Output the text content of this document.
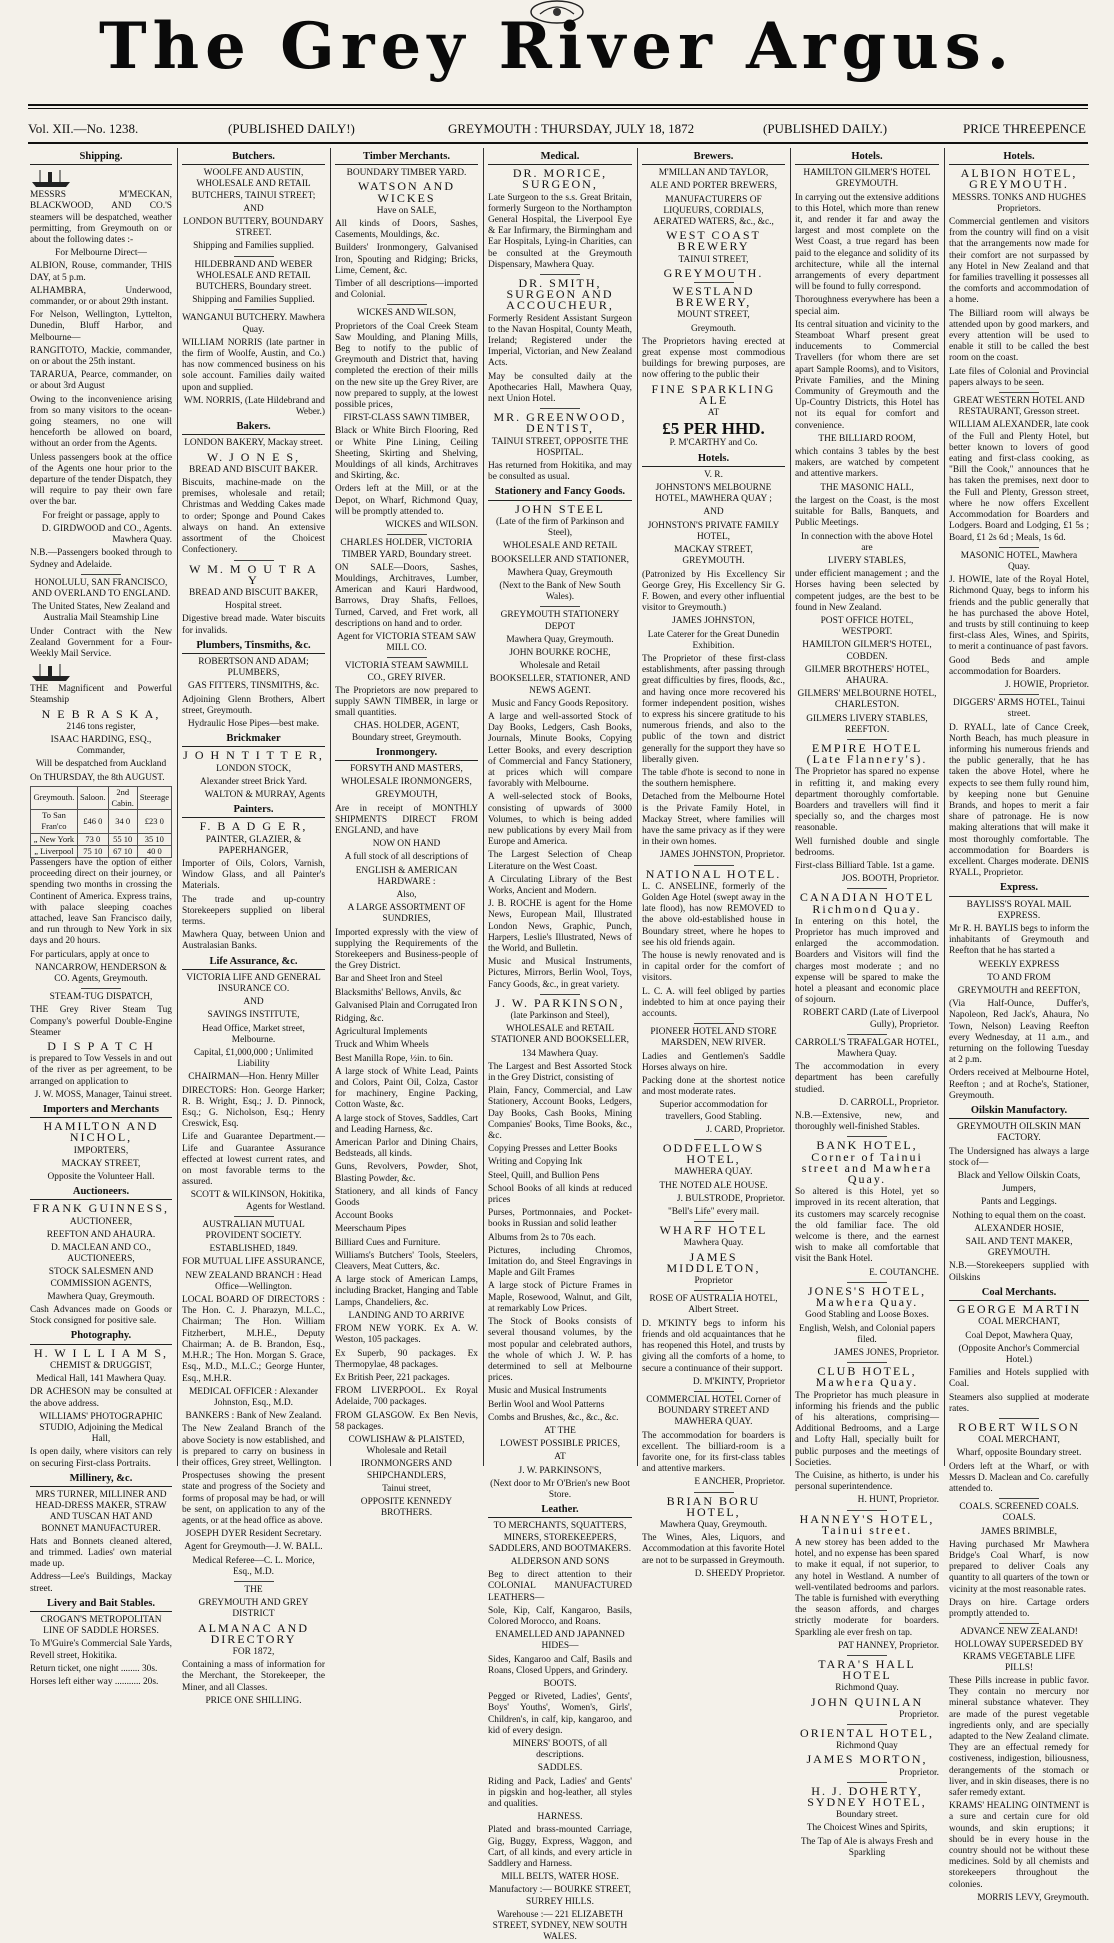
The Grey River Argus.
Vol. XII.—No. 1238.	(PUBLISHED DAILY!)	GREYMOUTH : THURSDAY, JULY 18, 1872	(PUBLISHED DAILY.)	PRICE THREEPENCE
Shipping.

MESSRS M'MECKAN, BLACKWOOD, AND CO.'S steamers will be despatched, weather permitting, from Greymouth on or about the following dates :-

For Melbourne Direct—

ALBION, Rouse, commander, THIS DAY, at 5 p.m.

ALHAMBRA, Underwood, commander, or or about 29th instant.

For Nelson, Wellington, Lyttelton, Dunedin, Bluff Harbor, and Melbourne—

RANGITOTO, Mackie, commander, on or about the 25th instant.

TARARUA, Pearce, commander, on or about 3rd August

Owing to the inconvenience arising from so many visitors to the ocean-going steamers, no one will henceforth be allowed on board, without an order from the Agents.

Unless passengers book at the office of the Agents one hour prior to the departure of the tender Dispatch, they will require to pay their own fare over the bar.

For freight or passage, apply to

D. GIRDWOOD and CO., Agents. Mawhera Quay.

N.B.—Passengers booked through to Sydney and Adelaide.

HONOLULU, SAN FRANCISCO, AND OVERLAND TO ENGLAND.

The United States, New Zealand and Australia Mail Steamship Line

Under Contract with the New Zealand Government for a Four-Weekly Mail Service.

THE Magnificent and Powerful Steamship

N E B R A S K A,

2146 tons register,

ISAAC HARDING, ESQ., Commander,

Will be despatched from Auckland

On THURSDAY, the 8th AUGUST.

Greymouth.	Saloon.	2nd Cabin.	Steerage
To San Fran'co	£46 0	34 0	£23 0
„ New York	73 0	55 10	35 10
„ Liverpool	75 10	67 10	40 0

Passengers have the option of either proceeding direct on their journey, or spending two months in crossing the Continent of America. Express trains, with palace sleeping coaches attached, leave San Francisco daily, and run through to New York in six days and 20 hours.

For particulars, apply at once to

NANCARROW, HENDERSON & CO. Agents, Greymouth.

STEAM-TUG DISPATCH,

THE Grey River Steam Tug Company's powerful Double-Engine Steamer

D I S P A T C H

is prepared to Tow Vessels in and out of the river as per agreement, to be arranged on application to

J. W. MOSS, Manager, Tainui street.

Importers and Merchants

HAMILTON AND NICHOL,

IMPORTERS,

MACKAY STREET,

Opposite the Volunteer Hall.

Auctioneers.

FRANK GUINNESS,

AUCTIONEER,

REEFTON AND AHAURA.

D. MACLEAN AND CO., AUCTIONEERS,

STOCK SALESMEN AND COMMISSION AGENTS,

Mawhera Quay, Greymouth.

Cash Advances made on Goods or Stock consigned for positive sale.

Photography.

H. W I L L I A M S,

CHEMIST & DRUGGIST,

Medical Hall, 141 Mawhera Quay.

DR ACHESON may be consulted at the above address.

WILLIAMS' PHOTOGRAPHIC STUDIO, Adjoining the Medical Hall,

Is open daily, where visitors can rely on securing First-class Portraits.

Millinery, &c.

MRS TURNER, MILLINER AND HEAD-DRESS MAKER, STRAW AND TUSCAN HAT AND BONNET MANUFACTURER.

Hats and Bonnets cleaned altered, and trimmed. Ladies' own material made up.

Address—Lee's Buildings, Mackay street.

Livery and Bait Stables.

CROGAN'S METROPOLITAN LINE OF SADDLE HORSES.

To M'Guire's Commercial Sale Yards, Revell street, Hokitika.

Return ticket, one night ........ 30s.

Horses left either way ........... 20s.

Butchers.

WOOLFE AND AUSTIN, WHOLESALE AND RETAIL BUTCHERS, TAINUI STREET;

AND

LONDON BUTTERY, BOUNDARY STREET.

Shipping and Families supplied.

HILDEBRAND AND WEBER WHOLESALE AND RETAIL BUTCHERS, Boundary street.

Shipping and Families Supplied.

WANGANUI BUTCHERY. Mawhera Quay.

WILLIAM NORRIS (late partner in the firm of Woolfe, Austin, and Co.) has now commenced business on his sole account. Families daily waited upon and supplied.

WM. NORRIS, (Late Hildebrand and Weber.)

Bakers.

LONDON BAKERY, Mackay street.

W. J O N E S,

BREAD AND BISCUIT BAKER.

Biscuits, machine-made on the premises, wholesale and retail; Christmas and Wedding Cakes made to order; Sponge and Pound Cakes always on hand. An extensive assortment of the Choicest Confectionery.

W M. M O U T R A Y

BREAD AND BISCUIT BAKER,

Hospital street.

Digestive bread made. Water biscuits for invalids.

Plumbers, Tinsmiths, &c.

ROBERTSON AND ADAM; PLUMBERS,

GAS FITTERS, TINSMITHS, &c.

Adjoining Glenn Brothers, Albert street, Greymouth.

Hydraulic Hose Pipes—best make.

Brickmaker

J O H N T I T T E R,

LONDON STOCK,

Alexander street Brick Yard.

WALTON & MURRAY, Agents

Painters.

F. B A D G E R,

PAINTER, GLAZIER, & PAPERHANGER,

Importer of Oils, Colors, Varnish, Window Glass, and all Painter's Materials.

The trade and up-country Storekeepers supplied on liberal terms.

Mawhera Quay, between Union and Australasian Banks.

Life Assurance, &c.

VICTORIA LIFE AND GENERAL INSURANCE CO.

AND

SAVINGS INSTITUTE,

Head Office, Market street, Melbourne.

Capital, £1,000,000 ; Unlimited Liability

CHAIRMAN—Hon. Henry Miller

DIRECTORS: Hon. George Harker; R. B. Wright, Esq.; J. D. Pinnock, Esq.; G. Nicholson, Esq.; Henry Creswick, Esq.

Life and Guarantee Department.—Life and Guarantee Assurance effected at lowest current rates, and on most favorable terms to the assured.

SCOTT & WILKINSON, Hokitika, Agents for Westland.

AUSTRALIAN MUTUAL PROVIDENT SOCIETY.

ESTABLISHED, 1849.

FOR MUTUAL LIFE ASSURANCE,

NEW ZEALAND BRANCH : Head Office—Wellington.

LOCAL BOARD OF DIRECTORS : The Hon. C. J. Pharazyn, M.L.C., Chairman; The Hon. William Fitzherbert, M.H.E., Deputy Chairman; A. de B. Brandon, Esq., M.H.R.; The Hon. Morgan S. Grace, Esq., M.D., M.L.C.; George Hunter, Esq., M.H.R.

MEDICAL OFFICER : Alexander Johnston, Esq., M.D.

BANKERS : Bank of New Zealand.

The New Zealand Branch of the above Society is now established, and is prepared to carry on business in their offices, Grey street, Wellington.

Prospectuses showing the present state and progress of the Society and forms of proposal may be had, or will be sent, on application to any of the agents, or at the head office as above.

JOSEPH DYER Resident Secretary.

Agent for Greymouth—J. W. BALL.

Medical Referee—C. L. Morice, Esq., M.D.

THE

GREYMOUTH AND GREY DISTRICT

ALMANAC AND DIRECTORY

FOR 1872,

Containing a mass of information for the Merchant, the Storekeeper, the Miner, and all Classes.

PRICE ONE SHILLING.

Timber Merchants.

BOUNDARY TIMBER YARD.

WATSON AND WICKES

Have on SALE,

All kinds of Doors, Sashes, Casements, Mouldings, &c.

Builders' Ironmongery, Galvanised Iron, Spouting and Ridging; Bricks, Lime, Cement, &c.

Timber of all descriptions—imported and Colonial.

WICKES AND WILSON,

Proprietors of the Coal Creek Steam Saw Moulding, and Planing Mills, Beg to notify to the public of Greymouth and District that, having completed the erection of their mills on the new site up the Grey River, are now prepared to supply, at the lowest possible prices,

FIRST-CLASS SAWN TIMBER,

Black or White Birch Flooring, Red or White Pine Lining, Ceiling Sheeting, Skirting and Shelving, Mouldings of all kinds, Architraves and Skirting, &c.

Orders left at the Mill, or at the Depot, on Wharf, Richmond Quay, will be promptly attended to.

WICKES and WILSON.

CHARLES HOLDER, VICTORIA TIMBER YARD, Boundary street.

ON SALE—Doors, Sashes, Mouldings, Architraves, Lumber, American and Kauri Hardwood, Barrows, Dray Shafts, Felloes, Turned, Carved, and Fret work, all descriptions on hand and to order.

Agent for VICTORIA STEAM SAW MILL CO.

VICTORIA STEAM SAWMILL CO., GREY RIVER.

The Proprietors are now prepared to supply SAWN TIMBER, in large or small quantities.

CHAS. HOLDER, AGENT, Boundary street, Greymouth.

Ironmongery.

FORSYTH AND MASTERS,

WHOLESALE IRONMONGERS,

GREYMOUTH,

Are in receipt of MONTHLY SHIPMENTS DIRECT FROM ENGLAND, and have

NOW ON HAND

A full stock of all descriptions of

ENGLISH & AMERICAN HARDWARE :

Also,

A LARGE ASSORTMENT OF SUNDRIES,

Imported expressly with the view of supplying the Requirements of the Storekeepers and Business-people of the Grey District.

Bar and Sheet Iron and Steel

Blacksmiths' Bellows, Anvils, &c

Galvanised Plain and Corrugated Iron

Ridging, &c.

Agricultural Implements

Truck and Whim Wheels

Best Manilla Rope, ½in. to 6in.

A large stock of White Lead, Paints and Colors, Paint Oil, Colza, Castor for machinery, Engine Packing, Cotton Waste, &c.

A large stock of Stoves, Saddles, Cart and Leading Harness, &c.

American Parlor and Dining Chairs, Bedsteads, all kinds.

Guns, Revolvers, Powder, Shot, Blasting Powder, &c.

Stationery, and all kinds of Fancy Goods

Account Books

Meerschaum Pipes

Billiard Cues and Furniture.

Williams's Butchers' Tools, Steelers, Cleavers, Meat Cutters, &c.

A large stock of American Lamps, including Bracket, Hanging and Table Lamps, Chandeliers, &c.

LANDING AND TO ARRIVE

FROM NEW YORK. Ex A. W. Weston, 105 packages.

Ex Superb, 90 packages. Ex Thermopylae, 48 packages.

Ex British Peer, 221 packages.

FROM LIVERPOOL. Ex Royal Adelaide, 700 packages.

FROM GLASGOW. Ex Ben Nevis, 58 packages.

COWLISHAW & PLAISTED, Wholesale and Retail

IRONMONGERS AND SHIPCHANDLERS,

Tainui street,

OPPOSITE KENNEDY BROTHERS.

Medical.

DR. MORICE, SURGEON,

Late Surgeon to the s.s. Great Britain, formerly Surgeon to the Northampton General Hospital, the Liverpool Eye & Ear Infirmary, the Birmingham and Ear Hospitals, Lying-in Charities, can be consulted at the Greymouth Dispensary, Mawhera Quay.

DR. SMITH, SURGEON AND ACCOUCHEUR,

Formerly Resident Assistant Surgeon to the Navan Hospital, County Meath, Ireland; Registered under the Imperial, Victorian, and New Zealand Acts.

May be consulted daily at the Apothecaries Hall, Mawhera Quay, next Union Hotel.

MR. GREENWOOD, DENTIST,

TAINUI STREET, OPPOSITE THE HOSPITAL.

Has returned from Hokitika, and may be consulted as usual.

Stationery and Fancy Goods.

JOHN STEEL

(Late of the firm of Parkinson and Steel),

WHOLESALE AND RETAIL

BOOKSELLER AND STATIONER,

Mawhera Quay, Greymouth

(Next to the Bank of New South Wales).

GREYMOUTH STATIONERY DEPOT

Mawhera Quay, Greymouth.

JOHN BOURKE ROCHE,

Wholesale and Retail

BOOKSELLER, STATIONER, AND NEWS AGENT.

Music and Fancy Goods Repository.

A large and well-assorted Stock of Day Books, Ledgers, Cash Books, Journals, Minute Books, Copying Letter Books, and every description of Commercial and Fancy Stationery, at prices which will compare favorably with Melbourne.

A well-selected stock of Books, consisting of upwards of 3000 Volumes, to which is being added new publications by every Mail from Europe and America.

The Largest Selection of Cheap Literature on the West Coast.

A Circulating Library of the Best Works, Ancient and Modern.

J. B. ROCHE is agent for the Home News, European Mail, Illustrated London News, Graphic, Punch, Harpers, Leslie's Illustrated, News of the World, and Bulletin.

Music and Musical Instruments, Pictures, Mirrors, Berlin Wool, Toys, Fancy Goods, &c., in great variety.

J. W. PARKINSON,

(late Parkinson and Steel),

WHOLESALE and RETAIL STATIONER AND BOOKSELLER,

134 Mawhera Quay.

The Largest and Best Assorted Stock in the Grey District, consisting of

Plain, Fancy, Commercial, and Law Stationery, Account Books, Ledgers, Day Books, Cash Books, Mining Companies' Books, Time Books, &c., &c.

Copying Presses and Letter Books

Writing and Copying Ink

Steel, Quill, and Bullion Pens

School Books of all kinds at reduced prices

Purses, Portmonnaies, and Pocket-books in Russian and solid leather

Albums from 2s to 70s each.

Pictures, including Chromos, Imitation do, and Steel Engravings in Maple and Gilt Frames

A large stock of Picture Frames in Maple, Rosewood, Walnut, and Gilt, at remarkably Low Prices.

The Stock of Books consists of several thousand volumes, by the most popular and celebrated authors, the whole of which J. W. P. has determined to sell at Melbourne prices.

Music and Musical Instruments

Berlin Wool and Wool Patterns

Combs and Brushes, &c., &c., &c.

AT THE

LOWEST POSSIBLE PRICES,

AT

J. W. PARKINSON'S,

(Next door to Mr O'Brien's new Boot Store.

Leather.

TO MERCHANTS, SQUATTERS, MINERS, STOREKEEPERS, SADDLERS, AND BOOTMAKERS.

ALDERSON AND SONS

Beg to direct attention to their COLONIAL MANUFACTURED LEATHERS—

Sole, Kip, Calf, Kangaroo, Basils, Colored Morocco, and Roans.

ENAMELLED AND JAPANNED HIDES—

Sides, Kangaroo and Calf, Basils and Roans, Closed Uppers, and Grindery.

BOOTS.

Pegged or Riveted, Ladies', Gents', Boys' Youths', Women's, Girls', Children's, in calf, kip, kangaroo, and kid of every design.

MINERS' BOOTS, of all descriptions.

SADDLES.

Riding and Pack, Ladies' and Gents' in pigskin and hog-leather, all styles and qualities.

HARNESS.

Plated and brass-mounted Carriage, Gig, Buggy, Express, Waggon, and Cart, of all kinds, and every article in Saddlery and Harness.

MILL BELTS, WATER HOSE.

Manufactory :— BOURKE STREET, SURREY HILLS.

Warehouse :— 221 ELIZABETH STREET, SYDNEY, NEW SOUTH WALES.

Brewers.

M'MILLAN AND TAYLOR,

ALE AND PORTER BREWERS,

MANUFACTURERS OF LIQUEURS, CORDIALS, AERATED WATERS, &c., &c.,

WEST COAST BREWERY

TAINUI STREET,

GREYMOUTH.

WESTLAND BREWERY,

MOUNT STREET,

Greymouth.

The Proprietors having erected at great expense most commodious buildings for brewing purposes, are now offering to the public their

FINE SPARKLING ALE

AT

£5 PER HHD.

P. M'CARTHY and Co.

Hotels.

V. R.

JOHNSTON'S MELBOURNE HOTEL, MAWHERA QUAY ;

AND

JOHNSTON'S PRIVATE FAMILY HOTEL,

MACKAY STREET, GREYMOUTH.

(Patronized by His Excellency Sir George Grey, His Excellency Sir G. F. Bowen, and every other influential visitor to Greymouth.)

JAMES JOHNSTON,

Late Caterer for the Great Dunedin Exhibition.

The Proprietor of these first-class establishments, after passing through great difficulties by fires, floods, &c., and having once more recovered his former independent position, wishes to express his sincere gratitude to his numerous friends, and also to the public of the town and district generally for the support they have so liberally given.

The table d'hote is second to none in the southern hemisphere.

Detached from the Melbourne Hotel is the Private Family Hotel, in Mackay Street, where families will have the same privacy as if they were in their own homes.

JAMES JOHNSTON, Proprietor.

NATIONAL HOTEL.

L. C. ANSELINE, formerly of the Golden Age Hotel (swept away in the late flood), has now REMOVED to the above old-established house in Boundary street, where he hopes to see his old friends again.

The house is newly renovated and is in capital order for the comfort of visitors.

L. C. A. will feel obliged by parties indebted to him at once paying their accounts.

PIONEER HOTEL AND STORE MARSDEN, NEW RIVER.

Ladies and Gentlemen's Saddle Horses always on hire.

Packing done at the shortest notice and most moderate rates.

Superior accommodation for travellers, Good Stabling.

J. CARD, Proprietor.

ODDFELLOWS HOTEL,

MAWHERA QUAY.

THE NOTED ALE HOUSE.

J. BULSTRODE, Proprietor.

"Bell's Life" every mail.

WHARF HOTEL

Mawhera Quay.

JAMES MIDDLETON,

Proprietor

ROSE OF AUSTRALIA HOTEL, Albert Street.

D. M'KINTY begs to inform his friends and old acquaintances that he has reopened this Hotel, and trusts by giving all the comforts of a home, to secure a continuance of their support.

D. M'KINTY, Proprietor

COMMERCIAL HOTEL Corner of BOUNDARY STREET AND MAWHERA QUAY.

The accommodation for boarders is excellent. The billiard-room is a favorite one, for its first-class tables and attentive markers.

E ANCHER, Proprietor.

BRIAN BORU HOTEL,

Mawhera Quay, Greymouth.

The Wines, Ales, Liquors, and Accommodation at this favorite Hotel are not to be surpassed in Greymouth.

D. SHEEDY Proprietor.

Hotels.

HAMILTON GILMER'S HOTEL GREYMOUTH.

In carrying out the extensive additions to this Hotel, which more than renew it, and render it far and away the largest and most complete on the West Coast, a true regard has been paid to the elegance and solidity of its architecture, while all the internal arrangements of every department will be found to fully correspond.

Thoroughness everywhere has been a special aim.

Its central situation and vicinity to the Steamboat Wharf present great inducements to Commercial Travellers (for whom there are set apart Sample Rooms), and to Visitors, Private Families, and the Mining Community of Greymouth and the Up-Country Districts, this Hotel has not its equal for comfort and convenience.

THE BILLIARD ROOM,

which contains 3 tables by the best makers, are watched by competent and attentive markers.

THE MASONIC HALL,

the largest on the Coast, is the most suitable for Balls, Banquets, and Public Meetings.

In connection with the above Hotel are

LIVERY STABLES,

under efficient management ; and the Horses having been selected by competent judges, are the best to be found in New Zealand.

POST OFFICE HOTEL, WESTPORT.

HAMILTON GILMER'S HOTEL, COBDEN.

GILMER BROTHERS' HOTEL, AHAURA.

GILMERS' MELBOURNE HOTEL, CHARLESTON.

GILMERS LIVERY STABLES, REEFTON.

EMPIRE HOTEL (Late Flannery's).

The Proprietor has spared no expense in refitting it, and making every department thoroughly comfortable. Boarders and travellers will find it specially so, and the charges most reasonable.

Well furnished double and single bedrooms.

First-class Billiard Table. 1st a game.

JOS. BOOTH, Proprietor.

CANADIAN HOTEL Richmond Quay.

In entering on this hotel, the Proprietor has much improved and enlarged the accommodation. Boarders and Visitors will find the charges most moderate ; and no expense will be spared to make the hotel a pleasant and economic place of sojourn.

ROBERT CARD (Late of Liverpool Gully), Proprietor.

CARROLL'S TRAFALGAR HOTEL, Mawhera Quay.

The accommodation in every department has been carefully studied.

D. CARROLL, Proprietor.

N.B.—Extensive, new, and thoroughly well-finished Stables.

BANK HOTEL, Corner of Tainui street and Mawhera Quay.

So altered is this Hotel, yet so improved in its recent alteration, that its customers may scarcely recognise the old familiar face. The old welcome is there, and the earnest wish to make all comfortable that visit the Bank Hotel.

E. COUTANCHE.

JONES'S HOTEL, Mawhera Quay.

Good Stabling and Loose Boxes.

English, Welsh, and Colonial papers filed.

JAMES JONES, Proprietor.

CLUB HOTEL, Mawhera Quay.

The Proprietor has much pleasure in informing his friends and the public of his alterations, comprising—Additional Bedrooms, and a Large and Lofty Hall, specially built for public purposes and the meetings of Societies.

The Cuisine, as hitherto, is under his personal superintendence.

H. HUNT, Proprietor.

HANNEY'S HOTEL, Tainui street.

A new storey has been added to the hotel, and no expense has been spared to make it equal, if not superior, to any hotel in Westland. A number of well-ventilated bedrooms and parlors. The table is furnished with everything the season affords, and charges strictly moderate for boarders. Sparkling ale ever fresh on tap.

PAT HANNEY, Proprietor.

TARA'S HALL HOTEL

Richmond Quay.

JOHN QUINLAN

Proprietor.

ORIENTAL HOTEL,

Richmond Quay

JAMES MORTON,

Proprietor.

H. J. DOHERTY, SYDNEY HOTEL,

Boundary street.

The Choicest Wines and Spirits,

The Tap of Ale is always Fresh and Sparkling

Hotels.

ALBION HOTEL, GREYMOUTH.

MESSRS. TONKS AND HUGHES Proprietors.

Commercial gentlemen and visitors from the country will find on a visit that the arrangements now made for their comfort are not surpassed by any Hotel in New Zealand and that for families travelling it possesses all the comforts and accommodation of a home.

The Billiard room will always be attended upon by good markers, and every attention will be used to enable it still to be called the best room on the coast.

Late files of Colonial and Provincial papers always to be seen.

GREAT WESTERN HOTEL AND RESTAURANT, Gresson street.

WILLIAM ALEXANDER, late cook of the Full and Plenty Hotel, but better known to lovers of good eating and first-class cooking, as "Bill the Cook," announces that he has taken the premises, next door to the Full and Plenty, Gresson street, where he now offers Excellent Accommodation for Boarders and Lodgers. Board and Lodging, £1 5s ; Board, £1 2s 6d ; Meals, 1s 6d.

MASONIC HOTEL, Mawhera Quay.

J. HOWIE, late of the Royal Hotel, Richmond Quay, begs to inform his friends and the public generally that he has purchased the above Hotel, and trusts by still continuing to keep first-class Ales, Wines, and Spirits, to merit a continuance of past favors.

Good Beds and ample accommodation for Boarders.

J. HOWIE, Proprietor.

DIGGERS' ARMS HOTEL, Tainui street.

D. RYALL, late of Cance Creek, North Beach, has much pleasure in informing his numerous friends and the public generally, that he has taken the above Hotel, where he expects to see them fully round him, by keeping none but Genuine Brands, and hopes to merit a fair share of patronage. He is now making alterations that will make it most thoroughly comfortable. The accommodation for Boarders is excellent. Charges moderate. DENIS RYALL, Proprietor.

Express.

BAYLISS'S ROYAL MAIL EXPRESS.

Mr R. H. BAYLIS begs to inform the inhabitants of Greymouth and Reefton that he has started a

WEEKLY EXPRESS

TO AND FROM

GREYMOUTH and REEFTON,

(Via Half-Ounce, Duffer's, Napoleon, Red Jack's, Ahaura, No Town, Nelson) Leaving Reefton every Wednesday, at 11 a.m., and returning on the following Tuesday at 2 p.m.

Orders received at Melbourne Hotel, Reefton ; and at Roche's, Stationer, Greymouth.

Oilskin Manufactory.

GREYMOUTH OILSKIN MAN FACTORY.

The Undersigned has always a large stock of—

Black and Yellow Oilskin Coats,

Jumpers,

Pants and Leggings.

Nothing to equal them on the coast.

ALEXANDER HOSIE,

SAIL AND TENT MAKER, GREYMOUTH.

N.B.—Storekeepers supplied with Oilskins

Coal Merchants.

GEORGE MARTIN

COAL MERCHANT,

Coal Depot, Mawhera Quay,

(Opposite Anchor's Commercial Hotel.)

Families and Hotels supplied with Coal.

Steamers also supplied at moderate rates.

ROBERT WILSON

COAL MERCHANT,

Wharf, opposite Boundary street.

Orders left at the Wharf, or with Messrs D. Maclean and Co. carefully attended to.

COALS. SCREENED COALS. COALS.

JAMES BRIMBLE,

Having purchased Mr Mawhera Bridge's Coal Wharf, is now prepared to deliver Coals any quantity to all quarters of the town or vicinity at the most reasonable rates.

Drays on hire. Cartage orders promptly attended to.

ADVANCE NEW ZEALAND!

HOLLOWAY SUPERSEDED BY KRAMS VEGETABLE LIFE PILLS!

These Pills increase in public favor. They contain no mercury nor mineral substance whatever. They are made of the purest vegetable ingredients only, and are specially adapted to the New Zealand climate. They are an effectual remedy for costiveness, indigestion, biliousness, derangements of the stomach or liver, and in skin diseases, there is no safer remedy extant.

KRAMS' HEALING OINTMENT is a sure and certain cure for old wounds, and skin eruptions; it should be in every house in the country should not be without these medicines. Sold by all chemists and storekeepers throughout the colonies.

MORRIS LEVY, Greymouth.
